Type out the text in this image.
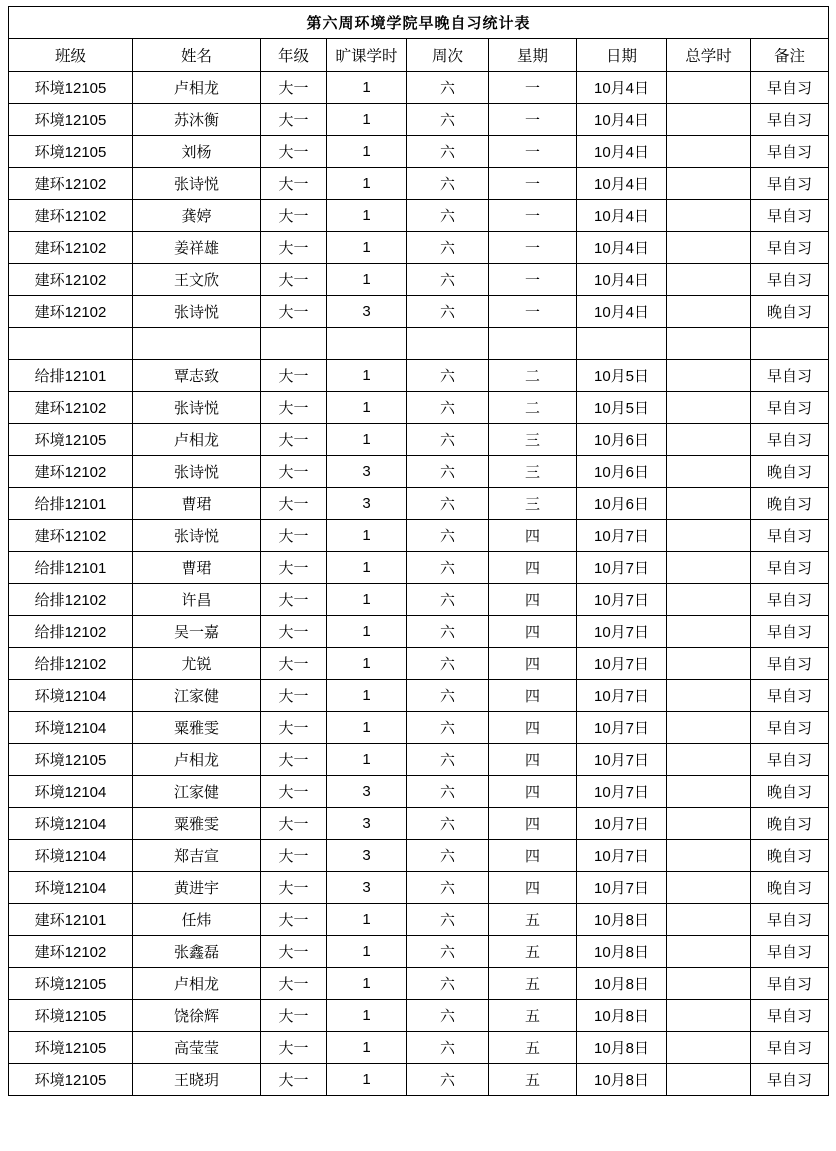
第六周环境学院早晚自习统计表								
班级	姓名	年级	旷课学时	周次	星期	日期	总学时	备注
环境12105	卢相龙	大一	1	六	一	10月4日		早自习
环境12105	苏沐衡	大一	1	六	一	10月4日		早自习
环境12105	刘杨	大一	1	六	一	10月4日		早自习
建环12102	张诗悦	大一	1	六	一	10月4日		早自习
建环12102	龚婷	大一	1	六	一	10月4日		早自习
建环12102	姜祥雄	大一	1	六	一	10月4日		早自习
建环12102	王文欣	大一	1	六	一	10月4日		早自习
建环12102	张诗悦	大一	3	六	一	10月4日		晚自习

给排12101	覃志致	大一	1	六	二	10月5日		早自习
建环12102	张诗悦	大一	1	六	二	10月5日		早自习
环境12105	卢相龙	大一	1	六	三	10月6日		早自习
建环12102	张诗悦	大一	3	六	三	10月6日		晚自习
给排12101	曹珺	大一	3	六	三	10月6日		晚自习
建环12102	张诗悦	大一	1	六	四	10月7日		早自习
给排12101	曹珺	大一	1	六	四	10月7日		早自习
给排12102	许昌	大一	1	六	四	10月7日		早自习
给排12102	吴一嘉	大一	1	六	四	10月7日		早自习
给排12102	尤锐	大一	1	六	四	10月7日		早自习
环境12104	江家健	大一	1	六	四	10月7日		早自习
环境12104	粟雅雯	大一	1	六	四	10月7日		早自习
环境12105	卢相龙	大一	1	六	四	10月7日		早自习
环境12104	江家健	大一	3	六	四	10月7日		晚自习
环境12104	粟雅雯	大一	3	六	四	10月7日		晚自习
环境12104	郑吉宣	大一	3	六	四	10月7日		晚自习
环境12104	黄进宇	大一	3	六	四	10月7日		晚自习
建环12101	任炜	大一	1	六	五	10月8日		早自习
建环12102	张鑫磊	大一	1	六	五	10月8日		早自习
环境12105	卢相龙	大一	1	六	五	10月8日		早自习
环境12105	饶徐辉	大一	1	六	五	10月8日		早自习
环境12105	高莹莹	大一	1	六	五	10月8日		早自习
环境12105	王晓玥	大一	1	六	五	10月8日		早自习
